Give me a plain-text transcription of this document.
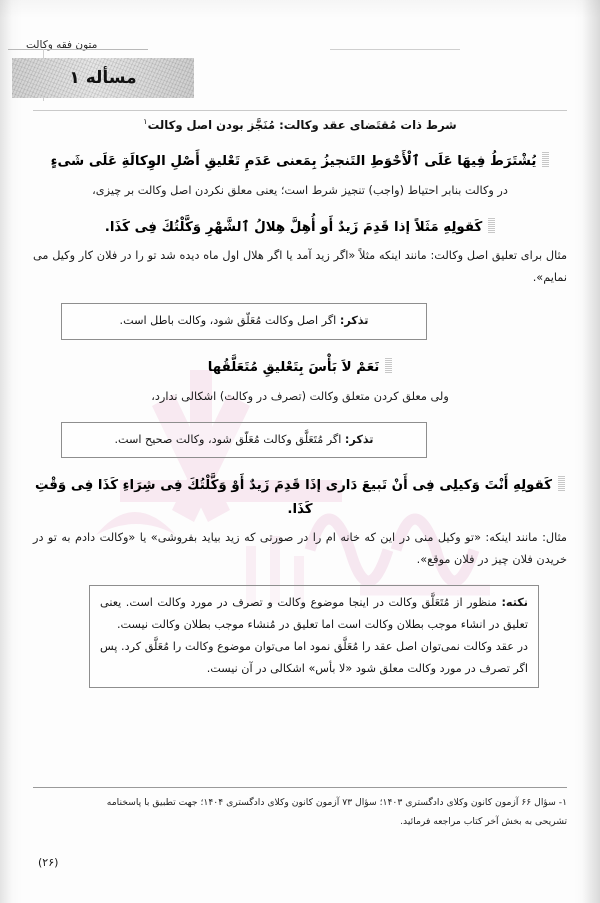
متون فقه وکالت
مسأله ۱

شرط ذات مُقتَضای عقد وکالت: مُنَجَّز بودن اصل وکالت$^۱$

یُشْتَرَطُ فِیهَا عَلَى ٱلْأَحْوَطِ التَنجیزُ بِمَعنى عَدَمِ تَعْلیقِ أَصْلِ الوِكالَةِ عَلَى شَىءٍ

در وکالت بنابر احتیاط (واجب) تنجیز شرط است؛ یعنی معلق نکردن اصل وکالت بر چیزی،

كَقولِهِ مَثَلاً إذا قَدِمَ زَیدٌ أَو أُهِلَّ هِلالُ ٱلشَّهْرِ وَكَّلْتُكَ فِى كَذَا.

مثال برای تعلیق اصل وکالت: مانند اینکه مثلاً «اگر زید آمد یا اگر هلال اول ماه دیده شد تو را در فلان کار وکیل می نمایم».

تذکر: اگر اصل وکالت مُعَلّق شود، وکالت باطل است.

نَعَمْ لاَ بَأْسَ بِتَعْلیقِ مُتَعَلَّقُها

ولی معلق کردن متعلق وکالت (تصرف در وکالت) اشکالی ندارد،

تذکر: اگر مُتَعَلَّق وکالت مُعَلّق شود، وکالت صحیح است.

كَقولِهِ أَنْتَ وَكیلِى فِى أَنْ تَبیعَ دَارى إذَا قَدِمَ زَیدٌ أَوْ وَكَّلْتُكَ فِى شِرَاءِ كَذَا فِى وَقْتِ كَذَا.

مثال: مانند اینکه: «تو وکیل منی در این که خانه ام را در صورتی که زید بیاید بفروشی» یا «وکالت دادم به تو در خریدن فلان چیز در فلان موقع».

نکته: منظور از مُتَعَلَّق وکالت در اینجا موضوع وکالت و تصرف در مورد وکالت است. یعنی تعلیق در انشاء موجب بطلان وکالت است اما تعلیق در مُنشاء موجب بطلان وکالت نیست.

در عقد وکالت نمی‌توان اصل عقد را مُعَلَّق نمود اما می‌توان موضوع وکالت را مُعَلَّق کرد. پس اگر تصرف در مورد وکالت معلق شود «لا بأس» اشکالی در آن نیست.

۱- سؤال ۶۶ آزمون کانون وکلای دادگستری ۱۴۰۳؛ سؤال ۷۳ آزمون کانون وکلای دادگستری ۱۴۰۴؛ جهت تطبیق با پاسخنامه
تشریحی به بخش آخر کتاب مراجعه فرمائید.
(۲۶)
